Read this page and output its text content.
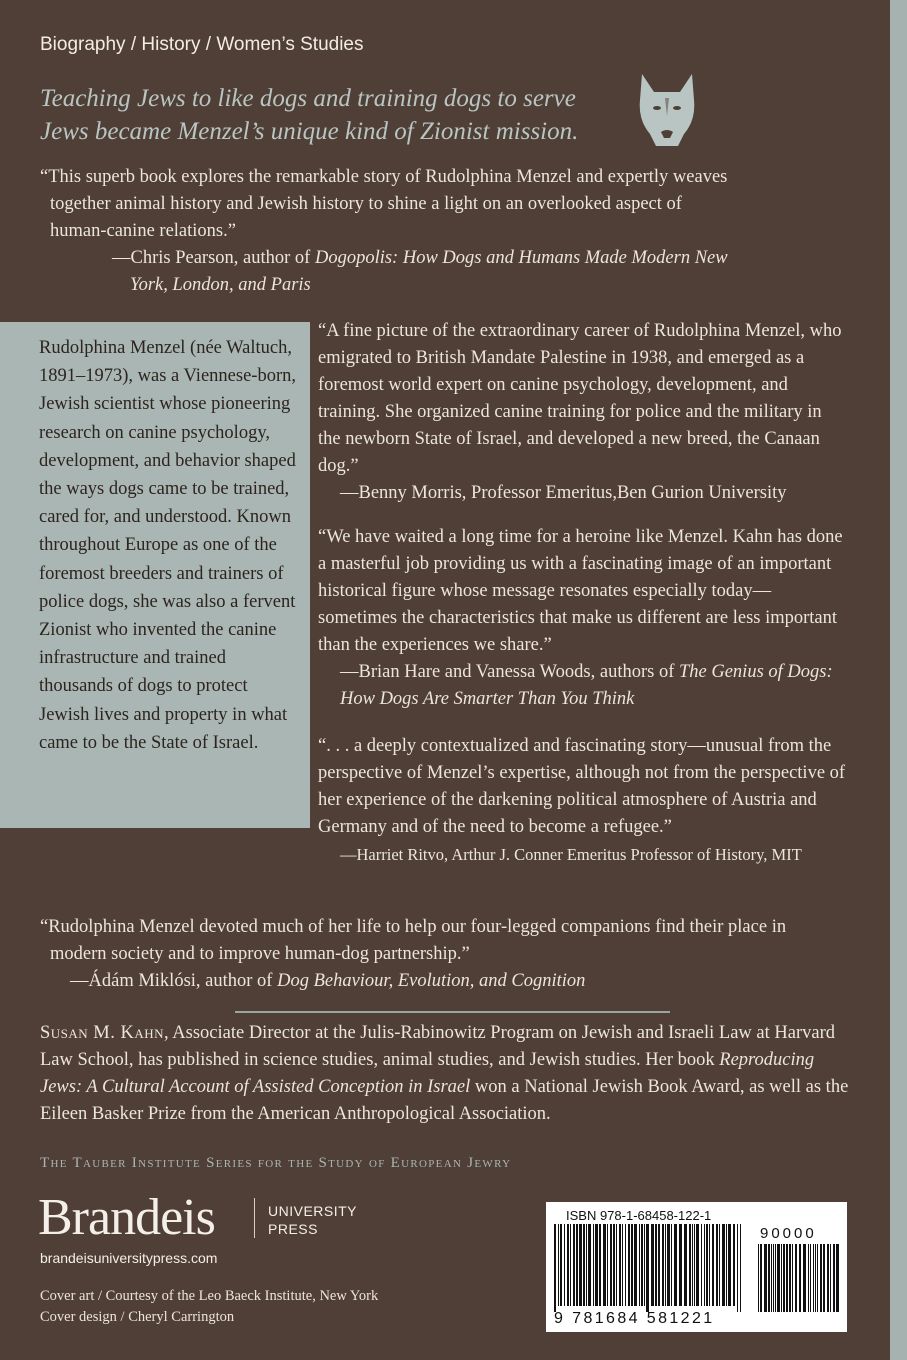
Biography / History / Women’s Studies
Teaching Jews to like dogs and training dogs to serve Jews became Menzel’s unique kind of Zionist mission.
“This superb book explores the remarkable story of Rudolphina Menzel and expertly weaves together animal history and Jewish history to shine a light on an overlooked aspect of human-canine relations.”
—Chris Pearson, author of Dogopolis: How Dogs and Humans Made Modern New York, London, and Paris
Rudolphina Menzel (née Waltuch, 1891–1973), was a Viennese-born, Jewish scientist whose pioneering research on canine psychology, development, and behavior shaped the ways dogs came to be trained, cared for, and understood. Known throughout Europe as one of the foremost breeders and trainers of police dogs, she was also a fervent Zionist who invented the canine infrastructure and trained thousands of dogs to protect Jewish lives and property in what came to be the State of Israel.
“A fine picture of the extraordinary career of Rudolphina Menzel, who emigrated to British Mandate Palestine in 1938, and emerged as a foremost world expert on canine psychology, development, and training. She organized canine training for police and the military in the newborn State of Israel, and developed a new breed, the Canaan dog.”
—Benny Morris, Professor Emeritus,Ben Gurion University
“We have waited a long time for a heroine like Menzel. Kahn has done a masterful job providing us with a fascinating image of an important historical figure whose message resonates especially today—sometimes the characteristics that make us different are less important than the experiences we share.”
—Brian Hare and Vanessa Woods, authors of The Genius of Dogs: How Dogs Are Smarter Than You Think
“. . . a deeply contextualized and fascinating story—unusual from the perspective of Menzel’s expertise, although not from the perspective of her experience of the darkening political atmosphere of Austria and Germany and of the need to become a refugee.”
—Harriet Ritvo, Arthur J. Conner Emeritus Professor of History, MIT
“Rudolphina Menzel devoted much of her life to help our four-legged companions find their place in modern society and to improve human-dog partnership.”
—Ádám Miklósi, author of Dog Behaviour, Evolution, and Cognition
Susan M. Kahn, Associate Director at the Julis-Rabinowitz Program on Jewish and Israeli Law at Harvard Law School, has published in science studies, animal studies, and Jewish studies. Her book Reproducing Jews: A Cultural Account of Assisted Conception in Israel won a National Jewish Book Award, as well as the Eileen Basker Prize from the American Anthropological Association.
The Tauber Institute Series for the Study of European Jewry
Brandeis	UNIVERSITY
PRESS
brandeisuniversitypress.com
Cover art / Courtesy of the Leo Baeck Institute, New York
Cover design / Cheryl Carrington
ISBN 978-1-68458-122-1
90000
9 781684 581221
